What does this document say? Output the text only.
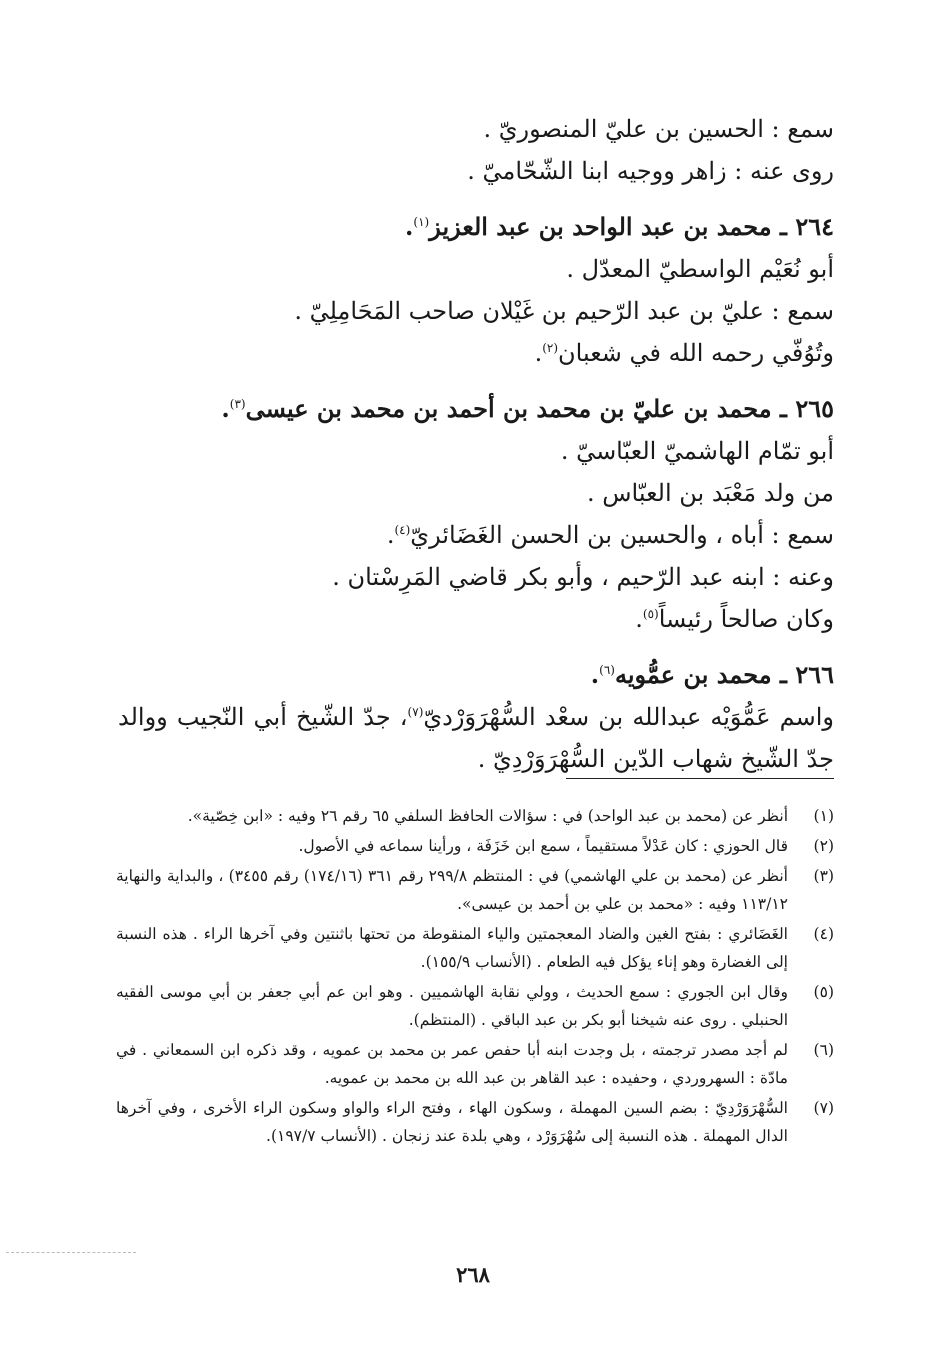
سمع : الحسين بن عليّ المنصوريّ .
روى عنه : زاهر ووجيه ابنا الشّحّاميّ .
٢٦٤ ـ محمد بن عبد الواحد بن عبد العزيز$^{(١)}$.
أبو نُعَيْم الواسطيّ المعدّل .
سمع : عليّ بن عبد الرّحيم بن غَيْلان صاحب المَحَامِلِيّ .
وتُوُفّي رحمه الله في شعبان$^{(٢)}$.
٢٦٥ ـ محمد بن عليّ بن محمد بن أحمد بن محمد بن عيسى$^{(٣)}$.
أبو تمّام الهاشميّ العبّاسيّ .
من ولد مَعْبَد بن العبّاس .
سمع : أباه ، والحسين بن الحسن الغَضَائريّ$^{(٤)}$.
وعنه : ابنه عبد الرّحيم ، وأبو بكر قاضي المَرِسْتان .
وكان صالحاً رئيساً$^{(٥)}$.
٢٦٦ ـ محمد بن عمُّويه$^{(٦)}$.
واسم عَمُّوَيْه عبدالله بن سعْد السُّهْرَوَرْديّ$^{(٧)}$، جدّ الشّيخ أبي النّجيب ووالد جدّ الشّيخ شهاب الدّين السُّهْرَوَرْدِيّ .
(١)
أنظر عن (محمد بن عبد الواحد) في : سؤالات الحافظ السلفي ٦٥ رقم ٢٦ وفيه : «ابن خِصّية».
(٢)
قال الحوزي : كان عَدْلاً مستقيماً ، سمع ابن خَزَفَة ، ورأينا سماعه في الأصول.
(٣)
أنظر عن (محمد بن علي الهاشمي) في : المنتظم ٢٩٩/٨ رقم ٣٦١ (١٧٤/١٦) رقم ٣٤٥٥) ، والبداية والنهاية ١١٣/١٢ وفيه : «محمد بن علي بن أحمد بن عيسى».
(٤)
الغَضَائري : بفتح الغين والضاد المعجمتين والياء المنقوطة من تحتها باثنتين وفي آخرها الراء . هذه النسبة إلى الغضارة وهو إناء يؤكل فيه الطعام . (الأنساب ١٥٥/٩).
(٥)
وقال ابن الجوري : سمع الحديث ، وولي نقابة الهاشميين . وهو ابن عم أبي جعفر بن أبي موسى الفقيه الحنبلي . روى عنه شيخنا أبو بكر بن عبد الباقي . (المنتظم).
(٦)
لم أجد مصدر ترجمته ، بل وجدت ابنه أبا حفص عمر بن محمد بن عمويه ، وقد ذكره ابن السمعاني . في مادّة : السهروردي ، وحفيده : عبد القاهر بن عبد الله بن محمد بن عمويه.
(٧)
السُّهْرَوَرْدِيّ : بضم السين المهملة ، وسكون الهاء ، وفتح الراء والواو وسكون الراء الأخرى ، وفي آخرها الدال المهملة . هذه النسبة إلى سُهْرَوَرْد ، وهي بلدة عند زنجان . (الأنساب ١٩٧/٧).
٢٦٨
